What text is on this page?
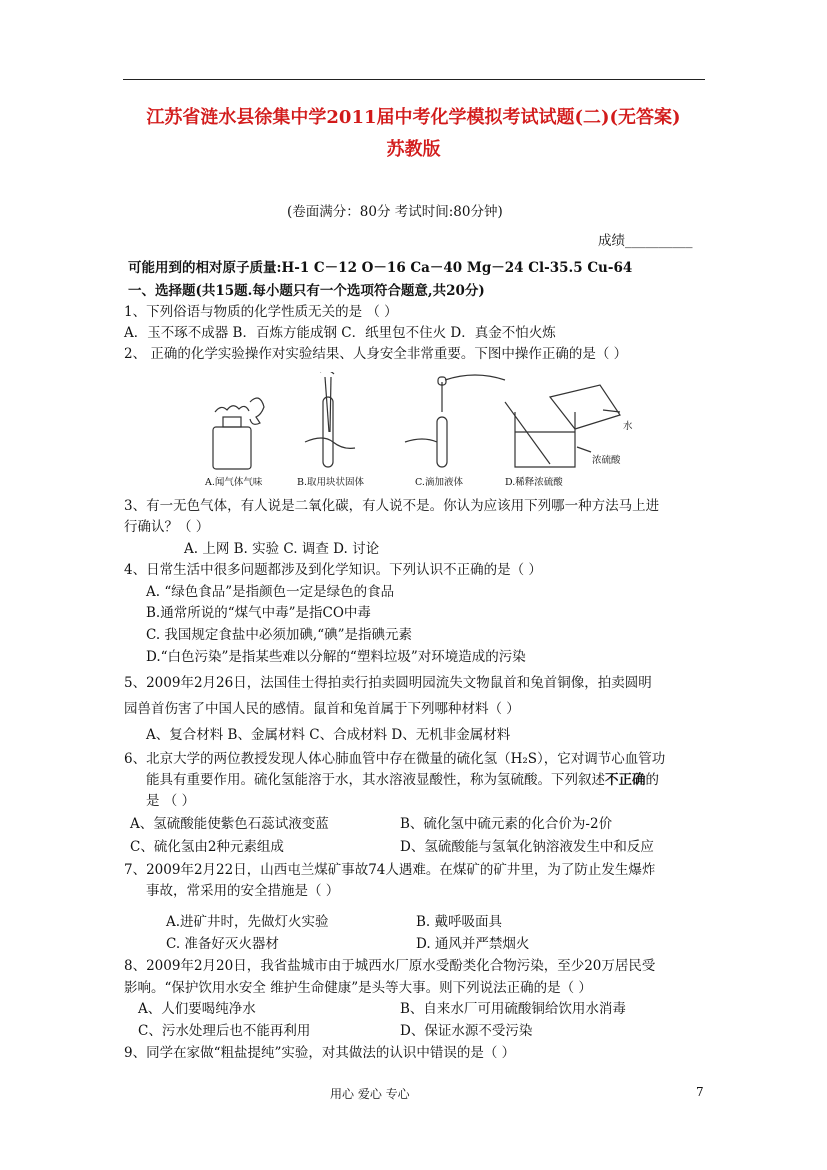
江苏省涟水县徐集中学2011届中考化学模拟考试试题(二)(无答案)
苏教版
(卷面满分：80分 考试时间:80分钟)
成绩__________
可能用到的相对原子质量:H-1 C－12 O－16 Ca－40 Mg－24 Cl-35.5 Cu-64
一、选择题(共15题.每小题只有一个选项符合题意,共20分)
1、下列俗语与物质的化学性质无关的是 （ ）
A．玉不琢不成器 B．百炼方能成钢 C．纸里包不住火 D．真金不怕火炼
2、 正确的化学实验操作对实验结果、人身安全非常重要。下图中操作正确的是（ ）
A.闻气体气味	B.取用块状固体	C.滴加液体	D.稀释浓硫酸
水
浓硫酸
3、有一无色气体，有人说是二氧化碳，有人说不是。你认为应该用下列哪一种方法马上进
行确认？（ ）
A. 上网 B. 实验 C. 调查 D. 讨论
4、日常生活中很多问题都涉及到化学知识。下列认识不正确的是（ ）
A. “绿色食品”是指颜色一定是绿色的食品
B.通常所说的“煤气中毒”是指CO中毒
C. 我国规定食盐中必须加碘,“碘”是指碘元素
D.“白色污染”是指某些难以分解的“塑料垃圾”对环境造成的污染
5、2009年2月26日，法国佳士得拍卖行拍卖圆明园流失文物鼠首和兔首铜像，拍卖圆明
园兽首伤害了中国人民的感情。鼠首和兔首属于下列哪种材料（ ）
A、复合材料 B、金属材料 C、合成材料 D、无机非金属材料
6、北京大学的两位教授发现人体心肺血管中存在微量的硫化氢（H₂S），它对调节心血管功
能具有重要作用。硫化氢能溶于水，其水溶液显酸性，称为氢硫酸。下列叙述不正确的
是 （ ）
A、氢硫酸能使紫色石蕊试液变蓝	B、硫化氢中硫元素的化合价为-2价
C、硫化氢由2种元素组成	D、氢硫酸能与氢氧化钠溶液发生中和反应
7、2009年2月22日，山西屯兰煤矿事故74人遇难。在煤矿的矿井里，为了防止发生爆炸
事故，常采用的安全措施是（ ）
A.进矿井时，先做灯火实验	B. 戴呼吸面具
C. 准备好灭火器材	D. 通风并严禁烟火
8、2009年2月20日，我省盐城市由于城西水厂原水受酚类化合物污染，至少20万居民受
影响。“保护饮用水安全 维护生命健康”是头等大事。则下列说法正确的是（ ）
A、人们要喝纯净水	B、自来水厂可用硫酸铜给饮用水消毒
C、污水处理后也不能再利用	D、保证水源不受污染
9、同学在家做“粗盐提纯”实验，对其做法的认识中错误的是（ ）
用心 爱心 专心	7
